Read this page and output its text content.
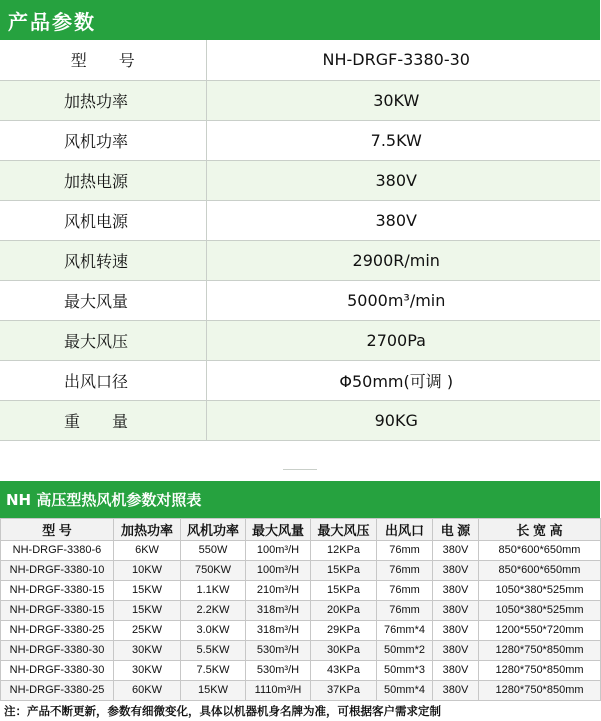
产品参数
型　　号	NH-DRGF-3380-30
加热功率	30KW
风机功率	7.5KW
加热电源	380V
风机电源	380V
风机转速	2900R/min
最大风量	5000m³/min
最大风压	2700Pa
出风口径	Φ50mm(可调 )
重　　量	90KG
NH 高压型热风机参数对照表
型 号	加热功率	风机功率	最大风量	最大风压	出风口	电 源	长 宽 高
NH-DRGF-3380-6	6KW	550W	100m³/H	12KPa	76mm	380V	850*600*650mm
NH-DRGF-3380-10	10KW	750KW	100m³/H	15KPa	76mm	380V	850*600*650mm
NH-DRGF-3380-15	15KW	1.1KW	210m³/H	15KPa	76mm	380V	1050*380*525mm
NH-DRGF-3380-15	15KW	2.2KW	318m³/H	20KPa	76mm	380V	1050*380*525mm
NH-DRGF-3380-25	25KW	3.0KW	318m³/H	29KPa	76mm*4	380V	1200*550*720mm
NH-DRGF-3380-30	30KW	5.5KW	530m³/H	30KPa	50mm*2	380V	1280*750*850mm
NH-DRGF-3380-30	30KW	7.5KW	530m³/H	43KPa	50mm*3	380V	1280*750*850mm
NH-DRGF-3380-25	60KW	15KW	1110m³/H	37KPa	50mm*4	380V	1280*750*850mm
注：产品不断更新，参数有细微变化，具体以机器机身名牌为准，可根据客户需求定制
